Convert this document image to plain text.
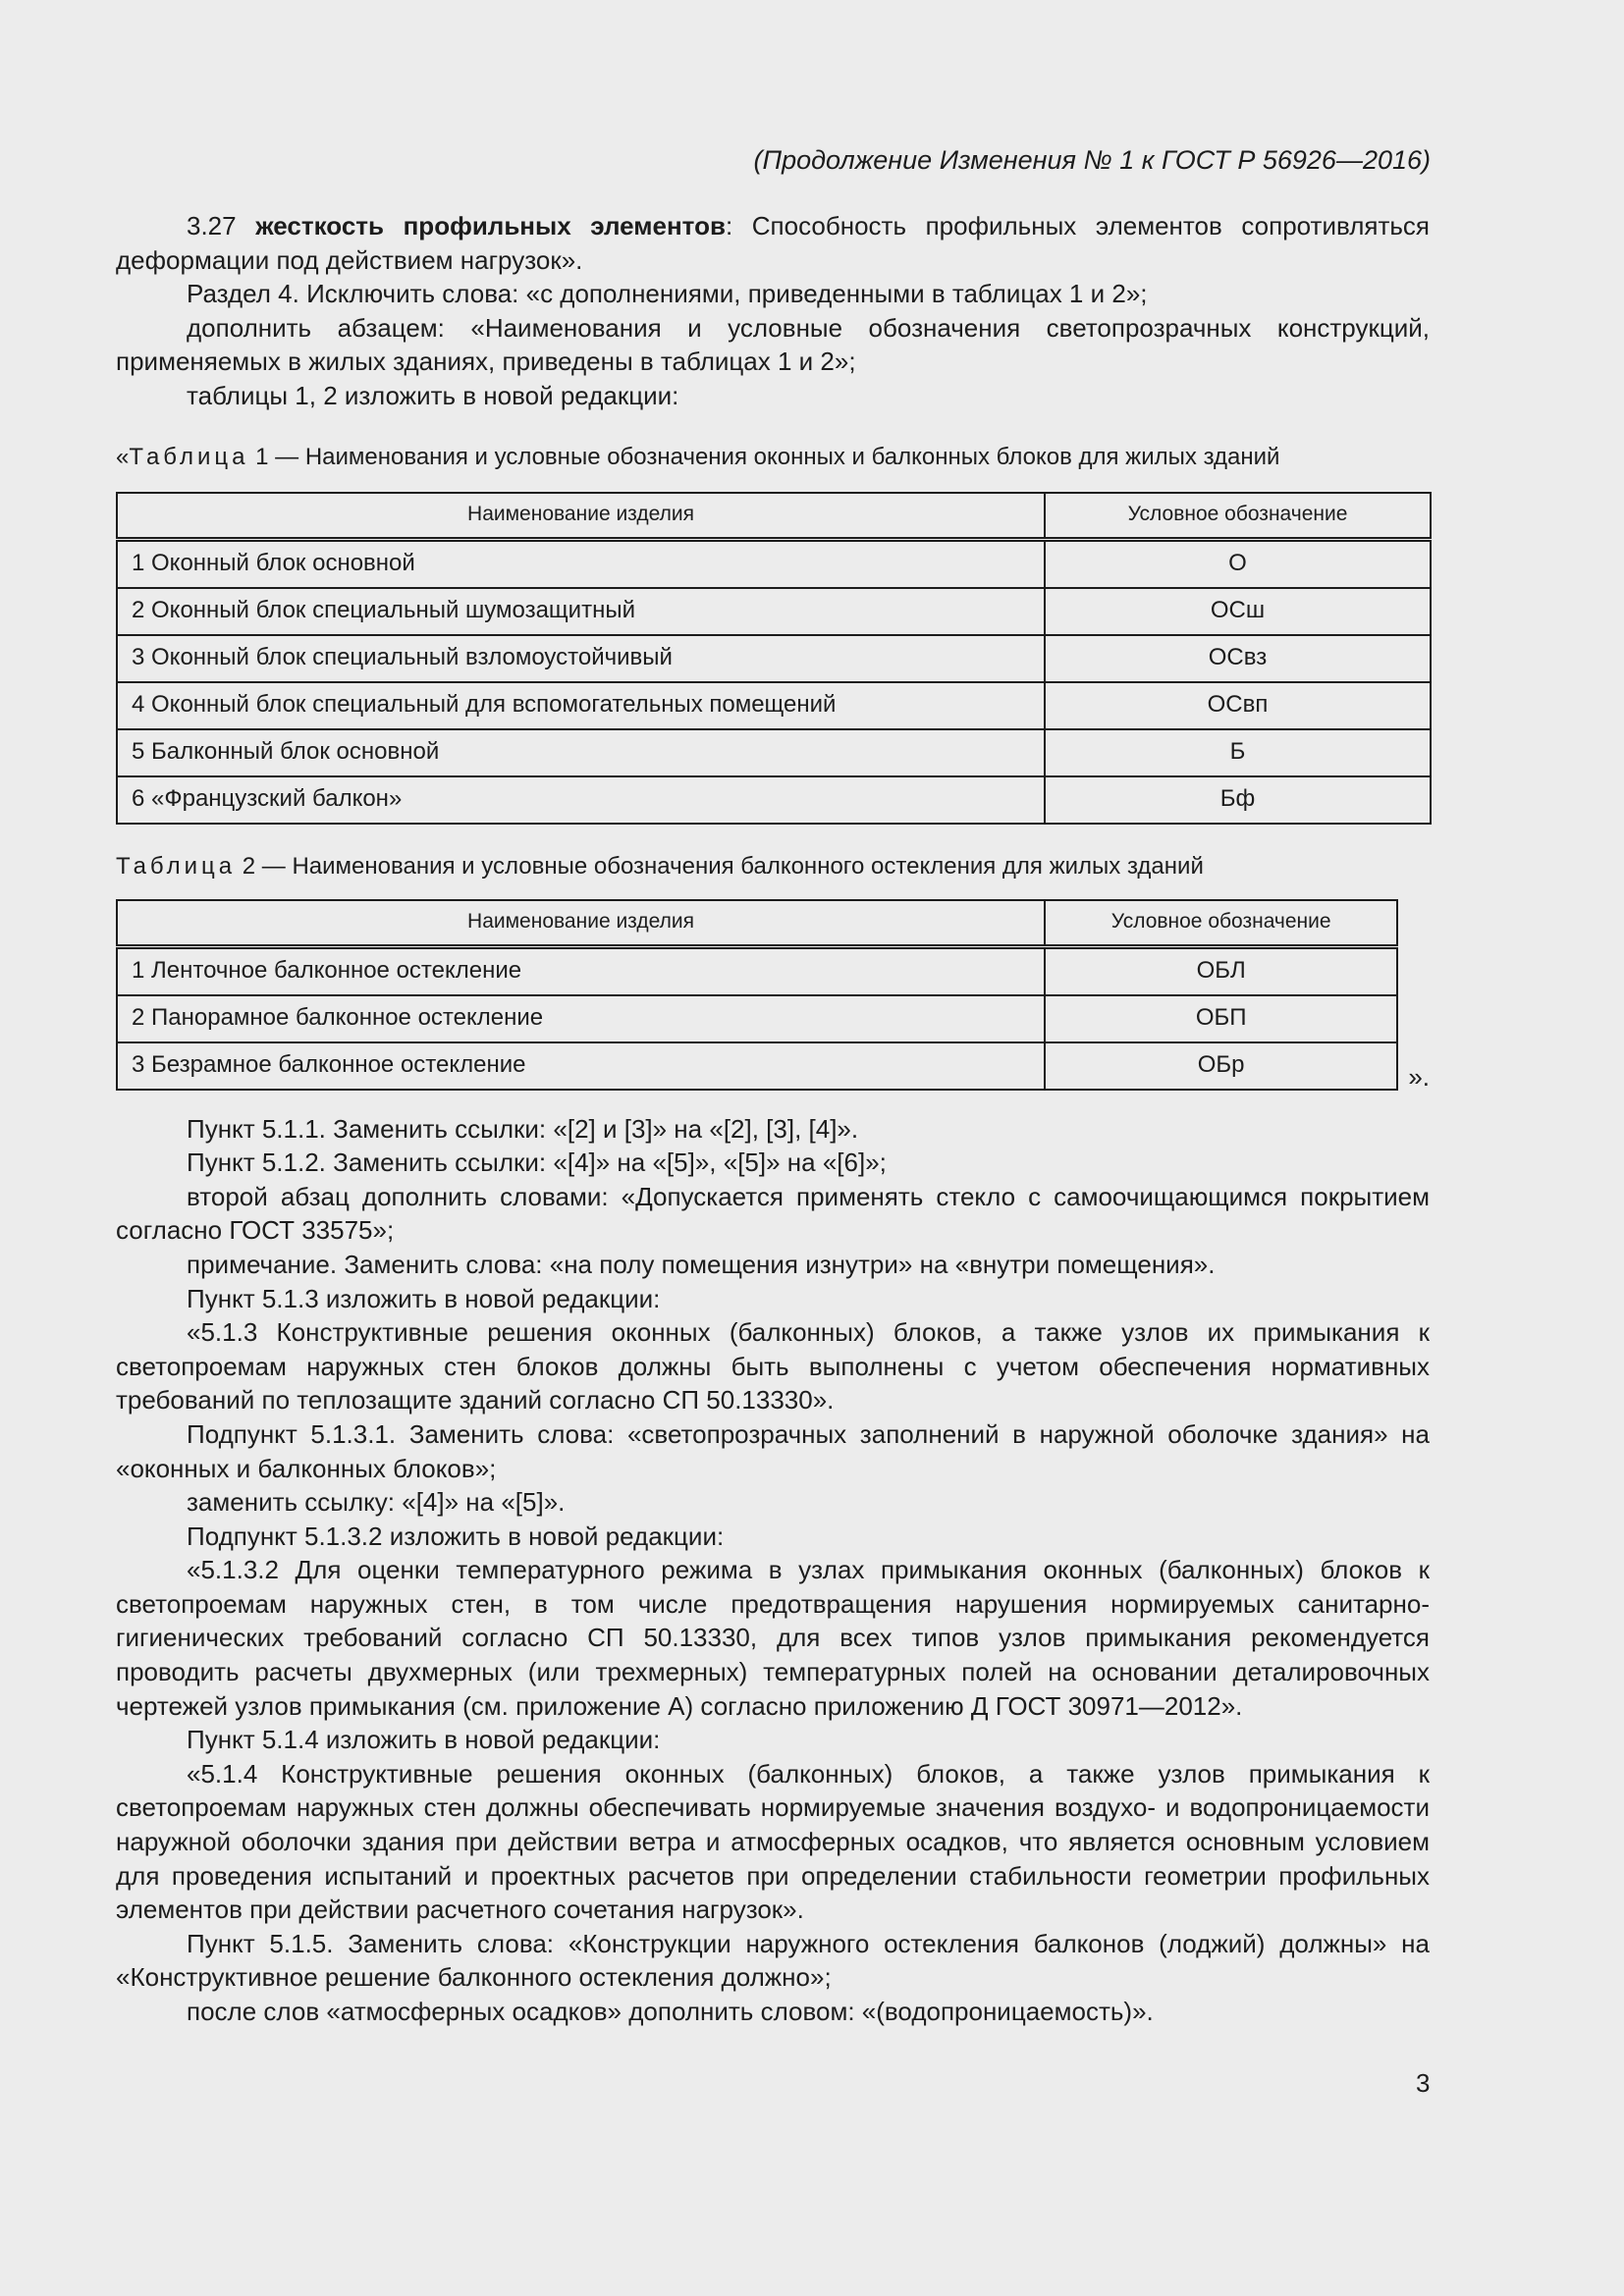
(Продолжение Изменения № 1 к ГОСТ Р 56926—2016)

3.27 жесткость профильных элементов: Способность профильных элементов сопротивляться деформации под действием нагрузок».

Раздел 4. Исключить слова: «с дополнениями, приведенными в таблицах 1 и 2»;

дополнить абзацем: «Наименования и условные обозначения светопрозрачных конструкций, применяемых в жилых зданиях, приведены в таблицах 1 и 2»;

таблицы 1, 2 изложить в новой редакции:

«Таблица 1 — Наименования и условные обозначения оконных и балконных блоков для жилых зданий

Наименование изделия	Условное обозначение
1 Оконный блок основной	О
2 Оконный блок специальный шумозащитный	ОСш
3 Оконный блок специальный взломоустойчивый	ОСвз
4 Оконный блок специальный для вспомогательных помещений	ОСвп
5 Балконный блок основной	Б
6 «Французский балкон»	Бф

Таблица 2 — Наименования и условные обозначения балконного остекления для жилых зданий

Наименование изделия	Условное обозначение
1 Ленточное балконное остекление	ОБЛ
2 Панорамное балконное остекление	ОБП
3 Безрамное балконное остекление	ОБр	».

Пункт 5.1.1. Заменить ссылки: «[2] и [3]» на «[2], [3], [4]».

Пункт 5.1.2. Заменить ссылки: «[4]» на «[5]», «[5]» на «[6]»;

второй абзац дополнить словами: «Допускается применять стекло с самоочищающимся покрытием согласно ГОСТ 33575»;

примечание. Заменить слова: «на полу помещения изнутри» на «внутри помещения».

Пункт 5.1.3 изложить в новой редакции:

«5.1.3 Конструктивные решения оконных (балконных) блоков, а также узлов их примыкания к светопроемам наружных стен блоков должны быть выполнены с учетом обеспечения нормативных требований по теплозащите зданий согласно СП 50.13330».

Подпункт 5.1.3.1. Заменить слова: «светопрозрачных заполнений в наружной оболочке здания» на «оконных и балконных блоков»;

заменить ссылку: «[4]» на «[5]».

Подпункт 5.1.3.2 изложить в новой редакции:

«5.1.3.2 Для оценки температурного режима в узлах примыкания оконных (балконных) блоков к светопроемам наружных стен, в том числе предотвращения нарушения нормируемых санитарно-гигиенических требований согласно СП 50.13330, для всех типов узлов примыкания рекомендуется проводить расчеты двухмерных (или трехмерных) температурных полей на основании деталировочных чертежей узлов примыкания (см. приложение А) согласно приложению Д ГОСТ 30971—2012».

Пункт 5.1.4 изложить в новой редакции:

«5.1.4 Конструктивные решения оконных (балконных) блоков, а также узлов примыкания к светопроемам наружных стен должны обеспечивать нормируемые значения воздухо- и водопроницаемости наружной оболочки здания при действии ветра и атмосферных осадков, что является основным условием для проведения испытаний и проектных расчетов при определении стабильности геометрии профильных элементов при действии расчетного сочетания нагрузок».

Пункт 5.1.5. Заменить слова: «Конструкции наружного остекления балконов (лоджий) должны» на «Конструктивное решение балконного остекления должно»;

после слов «атмосферных осадков» дополнить словом: «(водопроницаемость)».

3
